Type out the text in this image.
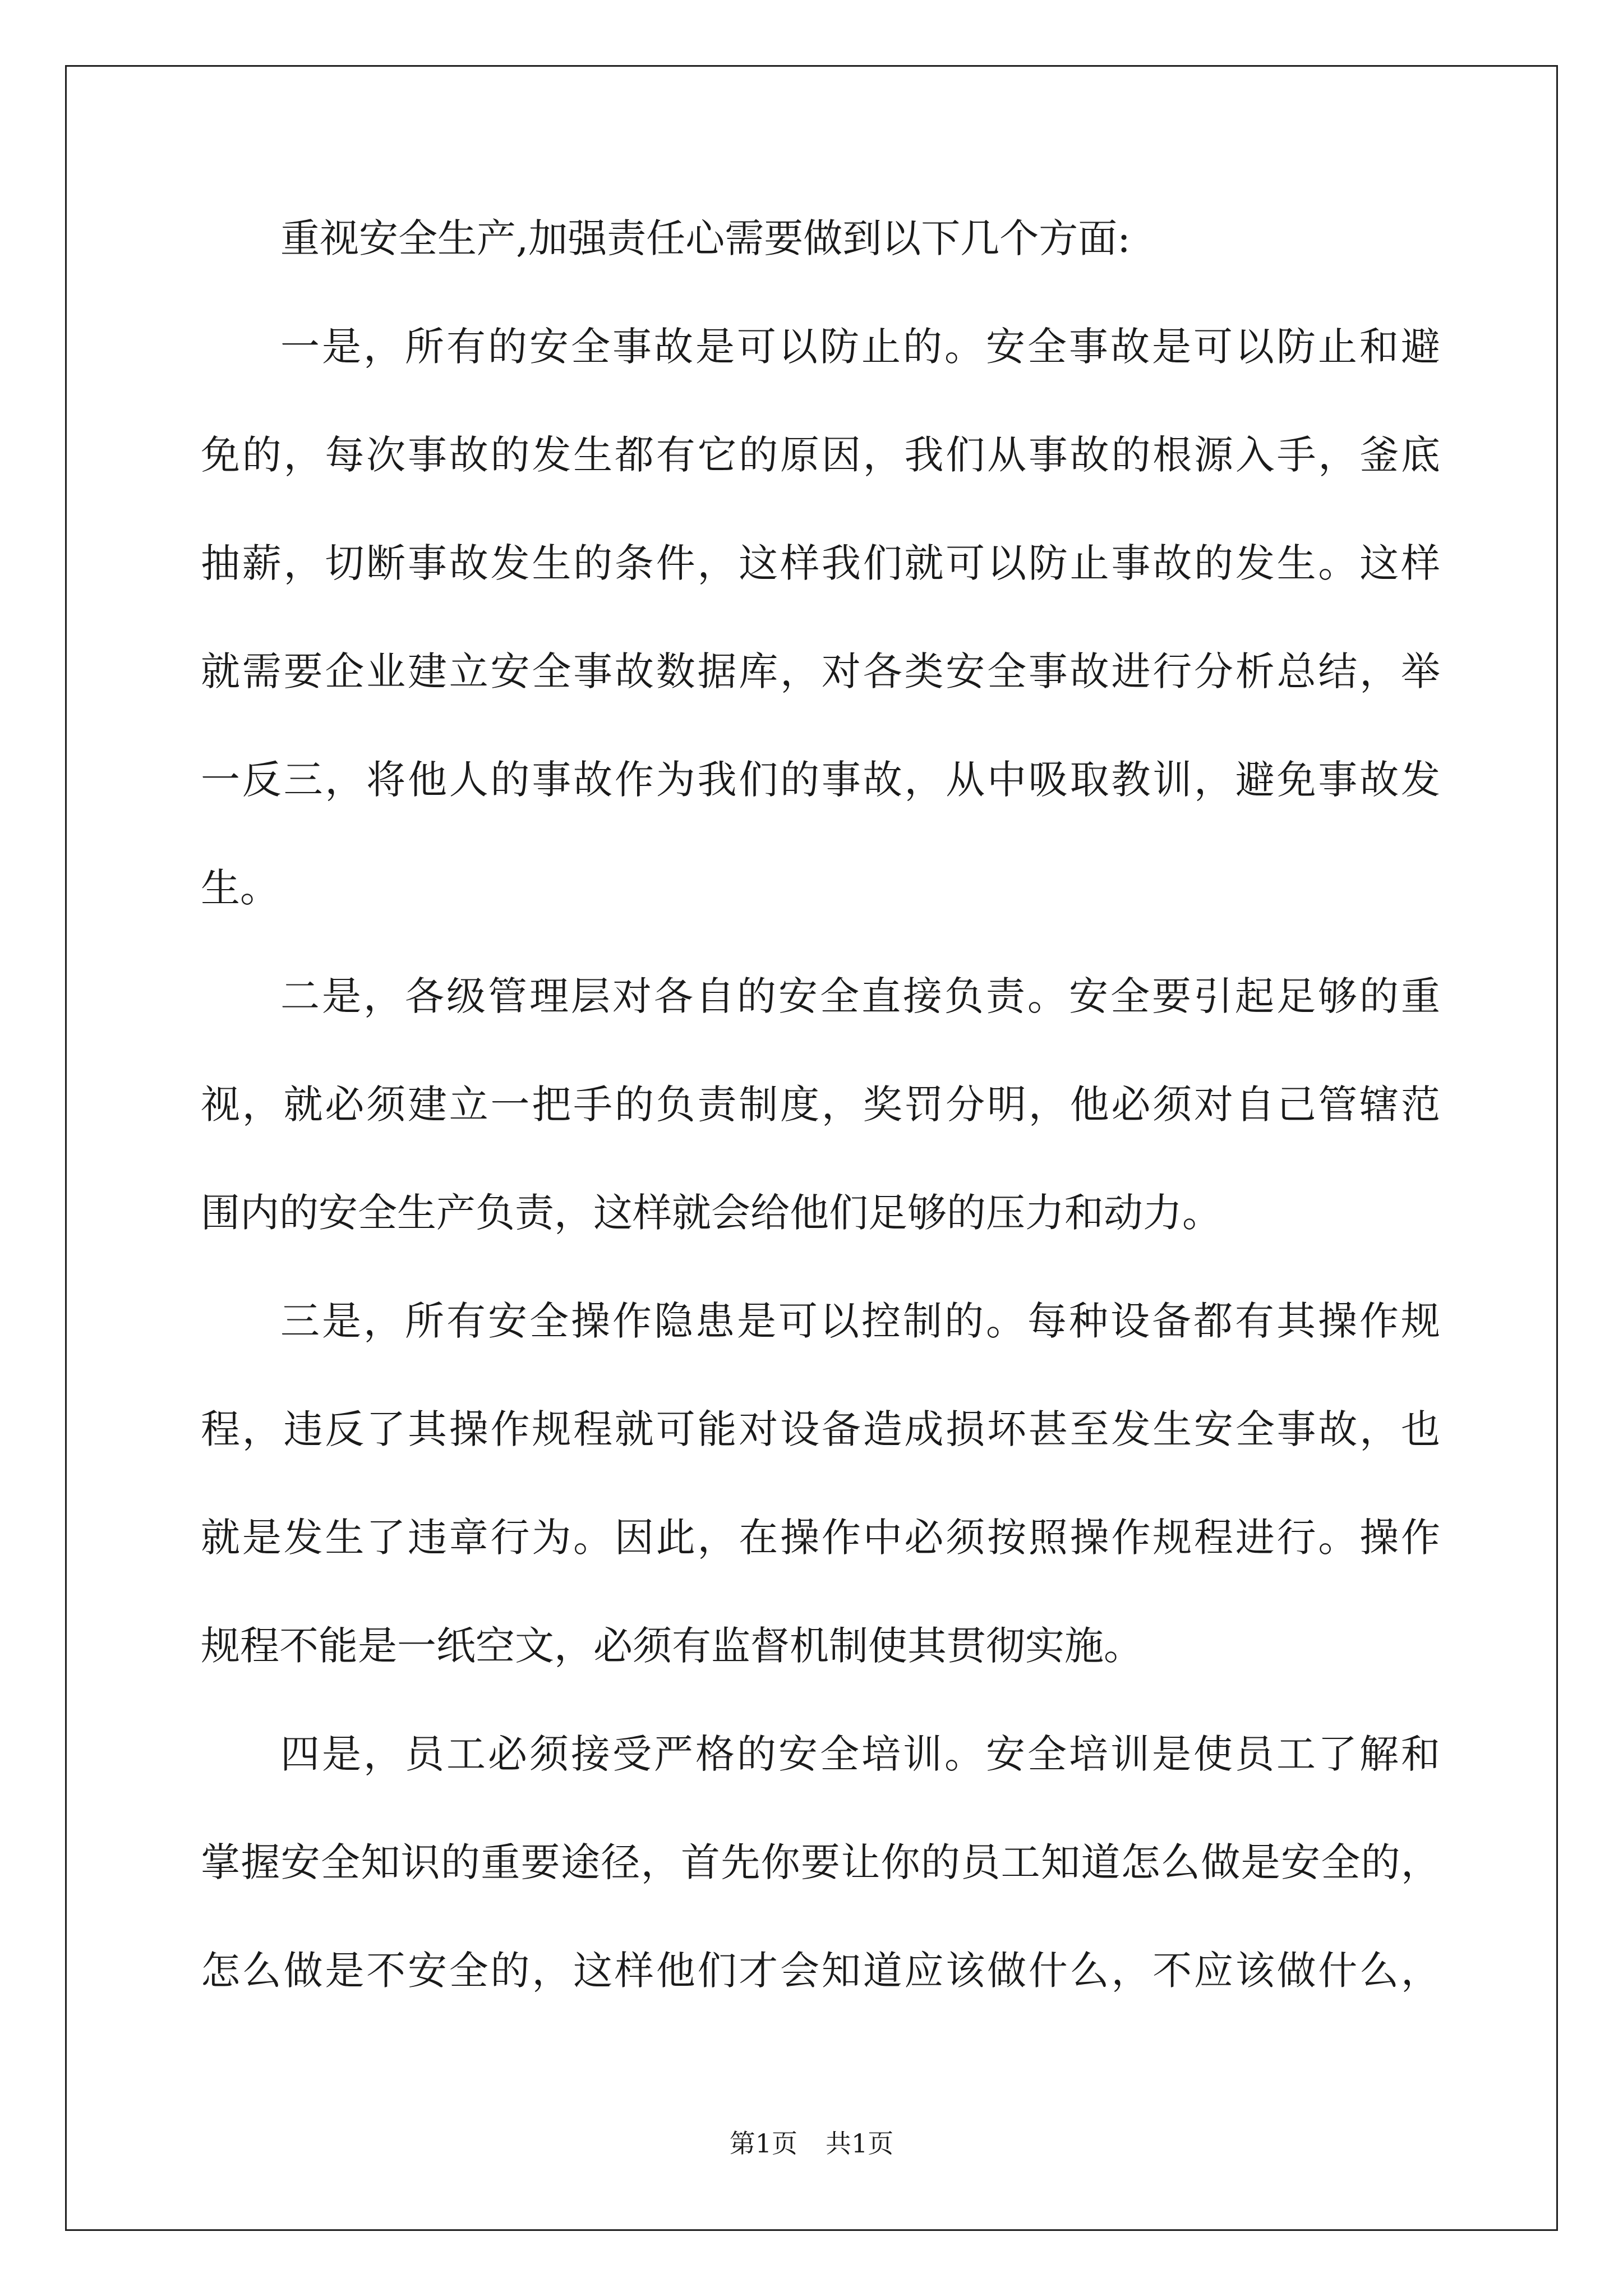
重视安全生产,加强责任心需要做到以下几个方面:
一是，所有的安全事故是可以防止的。安全事故是可以防止和避
免的，每次事故的发生都有它的原因，我们从事故的根源入手，釜底
抽薪，切断事故发生的条件，这样我们就可以防止事故的发生。这样
就需要企业建立安全事故数据库，对各类安全事故进行分析总结，举
一反三，将他人的事故作为我们的事故，从中吸取教训，避免事故发
生。
二是，各级管理层对各自的安全直接负责。安全要引起足够的重
视，就必须建立一把手的负责制度，奖罚分明，他必须对自己管辖范
围内的安全生产负责，这样就会给他们足够的压力和动力。
三是，所有安全操作隐患是可以控制的。每种设备都有其操作规
程，违反了其操作规程就可能对设备造成损坏甚至发生安全事故，也
就是发生了违章行为。因此，在操作中必须按照操作规程进行。操作
规程不能是一纸空文，必须有监督机制使其贯彻实施。
四是，员工必须接受严格的安全培训。安全培训是使员工了解和
掌握安全知识的重要途径，首先你要让你的员工知道怎么做是安全的，
怎么做是不安全的，这样他们才会知道应该做什么，不应该做什么，
第1页 共1页
